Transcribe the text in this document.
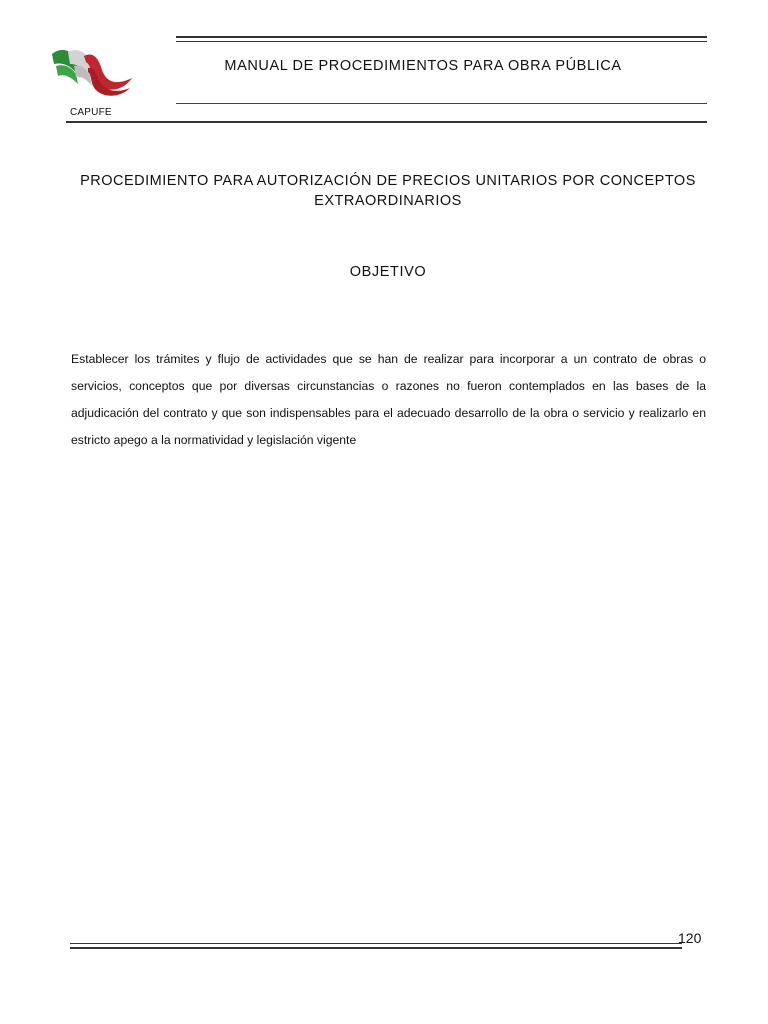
MANUAL DE PROCEDIMIENTOS PARA OBRA PÚBLICA
CAPUFE
PROCEDIMIENTO PARA AUTORIZACIÓN DE PRECIOS UNITARIOS POR CONCEPTOS EXTRAORDINARIOS
OBJETIVO
Establecer los trámites y flujo de actividades que se han de realizar para incorporar a un contrato de obras o servicios, conceptos que por diversas circunstancias o razones no fueron contemplados en las bases de la adjudicación del contrato y que son indispensables para el adecuado desarrollo de la obra o servicio y realizarlo en estricto apego a la normatividad y legislación vigente
120
